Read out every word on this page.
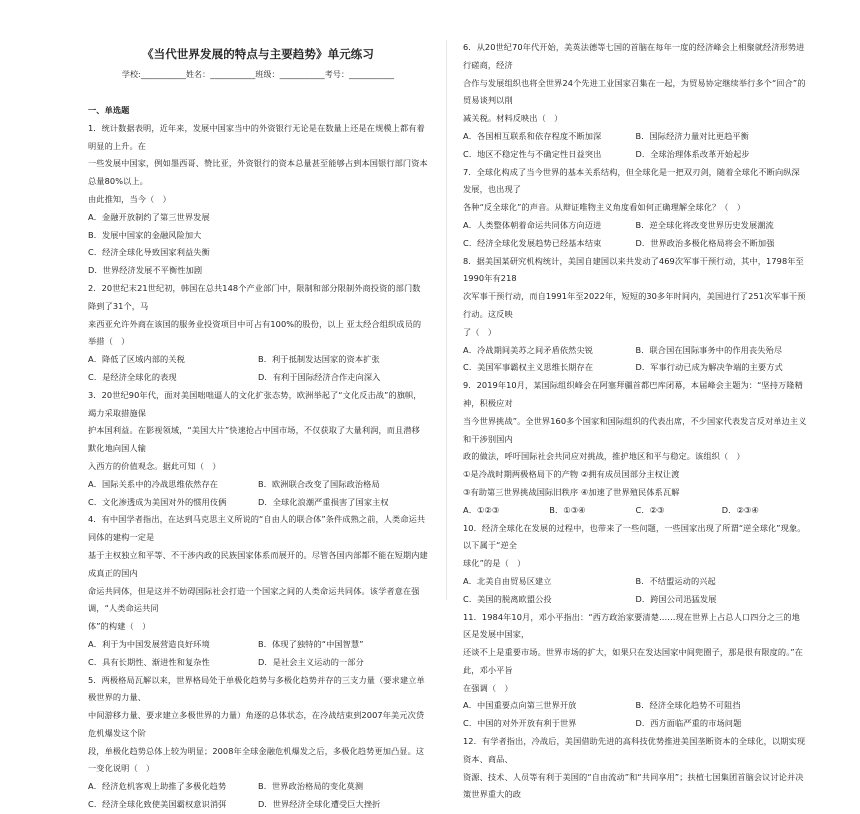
《当代世界发展的特点与主要趋势》单元练习
学校:___________姓名：___________班级：___________考号：___________
一、单选题
1．统计数据表明，近年来，发展中国家当中的外资银行无论是在数量上还是在规模上都有着明显的上升。在
一些发展中国家，例如墨西哥、赞比亚，外资银行的资本总量甚至能够占到本国银行部门资本总量80%以上。
由此推知，当今（　）
A．金融开放制约了第三世界发展
B．发展中国家的金融风险加大
C．经济全球化导致国家利益失衡
D．世界经济发展不平衡性加剧
2．20世纪末21世纪初，韩国在总共148个产业部门中，限制和部分限制外商投资的部门数降到了31个，马
来西亚允许外商在该国的服务业投资项目中可占有100%的股份，以上 亚太经合组织成员的举措（　）
A．降低了区域内部的关税	B．利于抵制发达国家的资本扩张
C．是经济全球化的表现	D．有利于国际经济合作走向深入
3．20世纪90年代，面对美国咄咄逼人的文化扩张态势，欧洲举起了“文化反击战”的旗帜，竭力采取措施保
护本国利益。在影视领域，“美国大片”快速抢占中国市场，不仅获取了大量利润，而且潜移默化地向国人输
入西方的价值观念。据此可知（　）
A．国际关系中的冷战思维依然存在	B．欧洲联合改变了国际政治格局
C．文化渗透成为美国对外的惯用伎俩	D．全球化浪潮严重损害了国家主权
4．有中国学者指出，在达到马克思主义所说的“自由人的联合体”条件成熟之前，人类命运共同体的建构一定是
基于主权独立和平等、不干涉内政的民族国家体系而展开的。尽管各国内部都不能在短期内建成真正的国内
命运共同体，但是这并不妨碍国际社会打造一个国家之间的人类命运共同体。该学者意在强调，“人类命运共同
体”的构建（　）
A．利于为中国发展营造良好环境	B．体现了独特的“中国智慧”
C．具有长期性、渐进性和复杂性	D．是社会主义运动的一部分
5．两极格局瓦解以来，世界格局处于单极化趋势与多极化趋势并存的三支力量（要求建立单极世界的力量、
中间游移力量、要求建立多极世界的力量）角逐的总体状态，在冷战结束到2007年美元次贷危机爆发这个阶
段，单极化趋势总体上较为明显；2008年全球金融危机爆发之后，多极化趋势更加凸显。这一变化说明（　）
A．经济危机客观上助推了多极化趋势	B．世界政治格局的变化莫测
C．经济全球化致使美国霸权意识消弭	D．世界经济全球化遭受巨大挫折
6．从20世纪70年代开始，美英法德等七国的首脑在每年一度的经济峰会上相聚就经济形势进行磋商，经济
合作与发展组织也将全世界24个先进工业国家召集在一起，为贸易协定继续举行多个“回合”的贸易谈判以削
减关税。材料反映出（　）
A．各国相互联系和依存程度不断加深	B．国际经济力量对比更趋平衡
C．地区不稳定性与不确定性日益突出	D．全球治理体系改革开始起步
7．全球化构成了当今世界的基本关系结构，但全球化是一把双刃剑，随着全球化不断向纵深发展，也出现了
各种“反全球化”的声音。从辩证唯物主义角度看如何正确理解全球化？（　）
A．人类整体朝着命运共同体方向迈进	B．逆全球化将改变世界历史发展潮流
C．经济全球化发展趋势已经基本结束	D．世界政治多极化格局将会不断加强
8．据美国某研究机构统计，美国自建国以来共发动了469次军事干预行动，其中，1798年至1990年有218
次军事干预行动，而自1991年至2022年，短短的30多年时间内，美国进行了251次军事干预行动。这反映
了（　）
A．冷战期间美苏之间矛盾依然尖锐	B．联合国在国际事务中的作用丧失殆尽
C．美国军事霸权主义思维长期存在	D．军事行动已成为解决争端的主要方式
9．2019年10月，某国际组织峰会在阿塞拜疆首都巴库闭幕，本届峰会主题为：“坚持万隆精神，积极应对
当今世界挑战”。全世界160多个国家和国际组织的代表出席，不少国家代表发言反对单边主义和干涉别国内
政的做法，呼吁国际社会共同应对挑战，推护地区和平与稳定。该组织（　）
①是冷战时期两极格局下的产物 ②拥有成员国部分主权让渡
③有助第三世界挑战国际旧秩序 ④加速了世界殖民体系瓦解
A．①②③	B．①③④	C．②③	D．②③④
10．经济全球化在发展的过程中，也带来了一些问题，一些国家出现了所谓“逆全球化”现象。以下属于“逆全
球化”的是（　）
A．北美自由贸易区建立	B．不结盟运动的兴起
C．美国的脱离欧盟公投	D．跨国公司迅猛发展
11．1984年10月，邓小平指出：“西方政治家要清楚……现在世界上占总人口四分之三的地区是发展中国家，
还谈不上是重要市场。世界市场的扩大，如果只在发达国家中间兜圈子，那是很有限度的。”在此，邓小平旨
在强调（　）
A．中国重要点向第三世界开放	B．经济全球化趋势不可阻挡
C．中国的对外开放有利于世界	D．西方面临严重的市场问题
12．有学者指出，冷战后，美国借助先进的高科技优势推进美国垄断资本的全球化，以期实现资本、商品、
资源、技术、人员等有利于美国的“自由流动”和“共同享用”；扶植七国集团首脑会议讨论并决策世界重大的政
